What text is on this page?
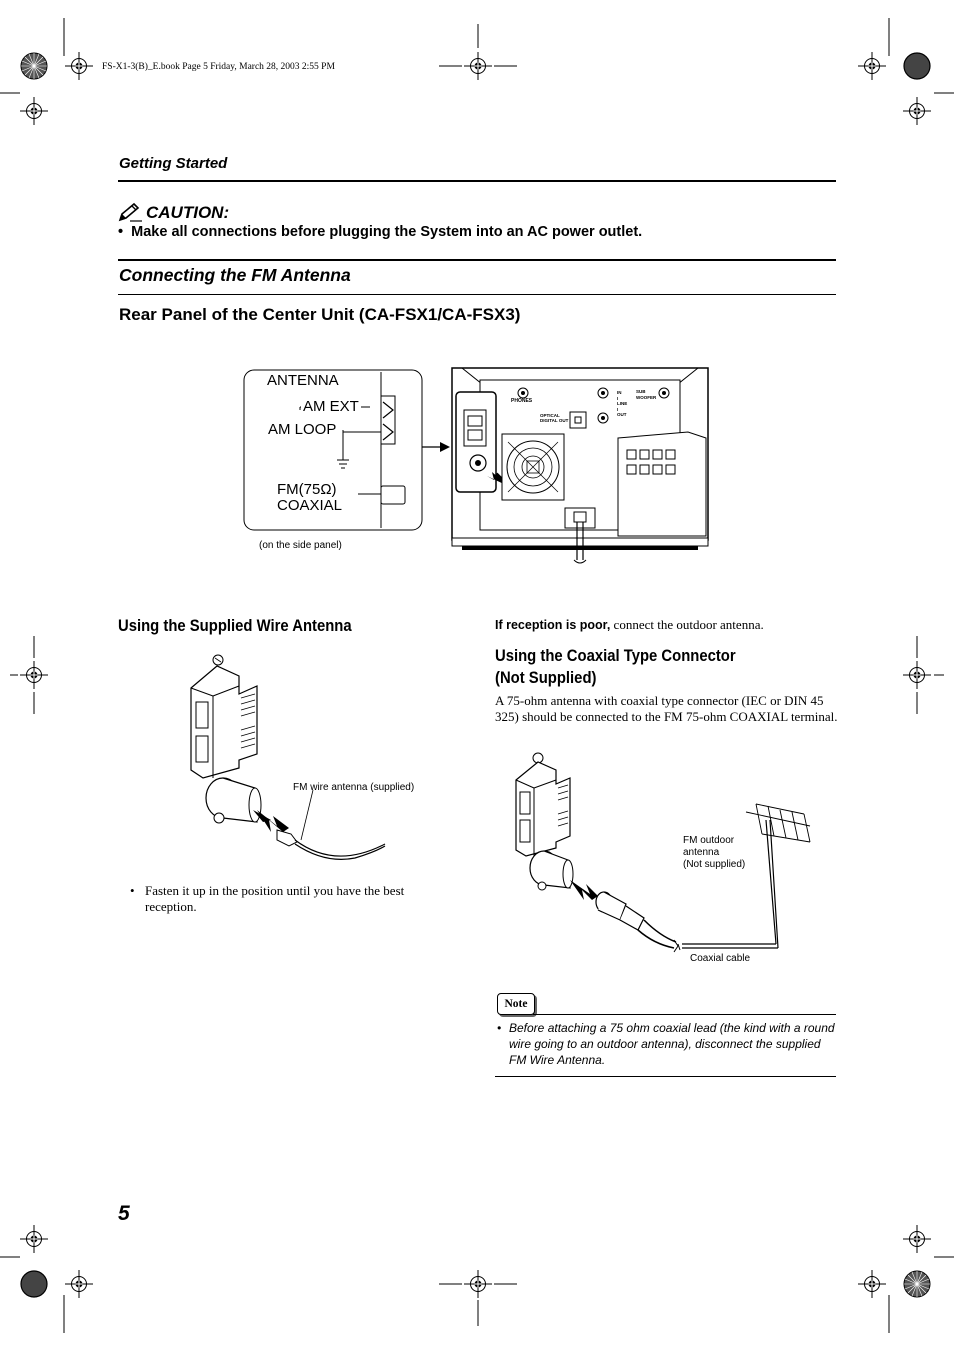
FS-X1-3(B)_E.book Page 5 Friday, March 28, 2003 2:55 PM
Getting Started
CAUTION:
•  Make all connections before plugging the System into an AC power outlet.
Connecting the FM Antenna
Rear Panel of the Center Unit (CA-FSX1/CA-FSX3)
ANTENNA
AM EXT
AM LOOP
FM(75Ω)
COAXIAL
(on the side panel)
PHONES
OPTICAL
DIGITAL OUT
IN
I
LINE
I
OUT
SUB
WOOFER
Using the Supplied Wire Antenna
FM wire antenna (supplied)
• Fasten it up in the position until you have the best reception.
If reception is poor, connect the outdoor antenna.
Using the Coaxial Type Connector
(Not Supplied)
A 75-ohm antenna with coaxial type connector (IEC or DIN 45 325) should be connected to the FM 75-ohm COAXIAL terminal.
FM outdoor
antenna
(Not supplied)
Coaxial cable
Note
• Before attaching a 75 ohm coaxial lead (the kind with a round wire going to an outdoor antenna), disconnect the supplied FM Wire Antenna.
5
